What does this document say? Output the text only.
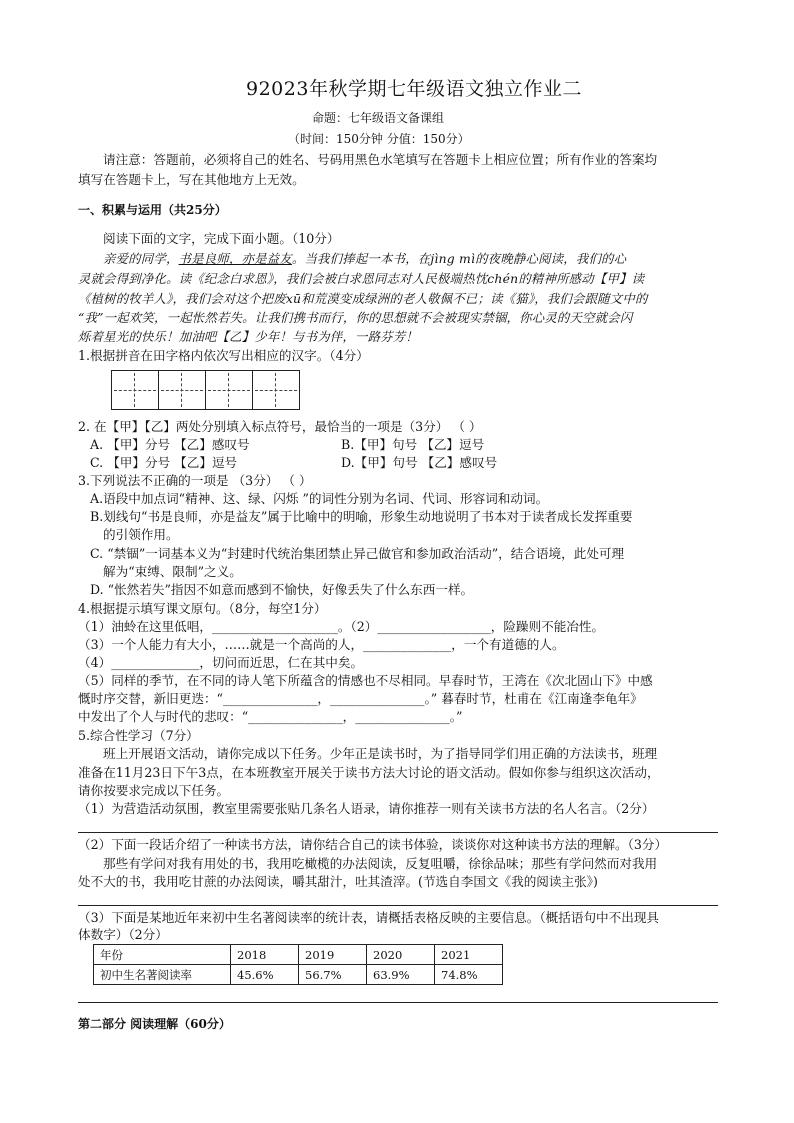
92023年秋学期七年级语文独立作业二
命题：七年级语文备课组
（时间：150分钟 分值：150分）
请注意：答题前，必须将自己的姓名、号码用黑色水笔填写在答题卡上相应位置；所有作业的答案均
填写在答题卡上，写在其他地方上无效。
一、积累与运用（共25分）
阅读下面的文字，完成下面小题。（10分）
亲爱的同学，书是良师，亦是益友。当我们捧起一本书，在jìng mì的夜晚静心阅读，我们的心
灵就会得到净化。读《纪念白求恩》，我们会被白求恩同志对人民极端热忱chén的精神所感动【甲】读
《植树的牧羊人》，我们会对这个把废xū和荒漠变成绿洲的老人敬佩不已；读《猫》，我们会跟随文中的
“我”一起欢笑，一起怅然若失。让我们携书而行，你的思想就不会被现实禁锢，你心灵的天空就会闪
烁着星光的快乐！加油吧【乙】少年！与书为伴，一路芬芳！
1.根据拼音在田字格内依次写出相应的汉字。（4分）
2. 在【甲】【乙】两处分别填入标点符号，最恰当的一项是（3分） （ ）
A. 【甲】分号 【乙】感叹号	B.【甲】句号 【乙】逗号
C. 【甲】分号 【乙】逗号	D.【甲】句号 【乙】感叹号
3.下列说法不正确的一项是 （3分） （ ）
A.语段中加点词“精神、这、绿、闪烁 ”的词性分别为名词、代词、形容词和动词。
B.划线句“书是良师，亦是益友”属于比喻中的明喻，形象生动地说明了书本对于读者成长发挥重要
的引领作用。
C. “禁锢”一词基本义为“封建时代统治集团禁止异己做官和参加政治活动”，结合语境，此处可理
解为“束缚、限制”之义。
D. “怅然若失”指因不如意而感到不愉快，好像丢失了什么东西一样。
4.根据提示填写课文原句。（8分，每空1分）
（1）油蛉在这里低唱，____________________。（2）__________________，险躁则不能冶性。
（3）一个人能力有大小，……就是一个高尚的人，______________，一个有道德的人。
（4）______________，切问而近思，仁在其中矣。
（5）同样的季节，在不同的诗人笔下所蕴含的情感也不尽相同。早春时节，王湾在《次北固山下》中感
慨时序交替，新旧更迭：“_______________，_______________。” 暮春时节，杜甫在《江南逢李龟年》
中发出了个人与时代的悲叹：“_______________，_______________。”
5.综合性学习（7分）
班上开展语文活动，请你完成以下任务。少年正是读书时，为了指导同学们用正确的方法读书，班理
准备在11月23日下午3点，在本班教室开展关于读书方法大讨论的语文活动。假如你参与组织这次活动，
请你按要求完成以下任务。
（1）为营造活动氛围，教室里需要张贴几条名人语录，请你推荐一则有关读书方法的名人名言。（2分）
（2）下面一段话介绍了一种读书方法，请你结合自己的读书体验，谈谈你对这种读书方法的理解。（3分）
那些有学问对我有用处的书，我用吃橄榄的办法阅读，反复咀嚼，徐徐品味；那些有学问然而对我用
处不大的书，我用吃甘蔗的办法阅读，嚼其甜汁，吐其渣滓。(节选自李国文《我的阅读主张》)
（3）下面是某地近年来初中生名著阅读率的统计表，请概括表格反映的主要信息。（概括语句中不出现具
体数字）（2分）
年份	2018	2019	2020	2021
初中生名著阅读率	45.6%	56.7%	63.9%	74.8%
第二部分 阅读理解（60分）
